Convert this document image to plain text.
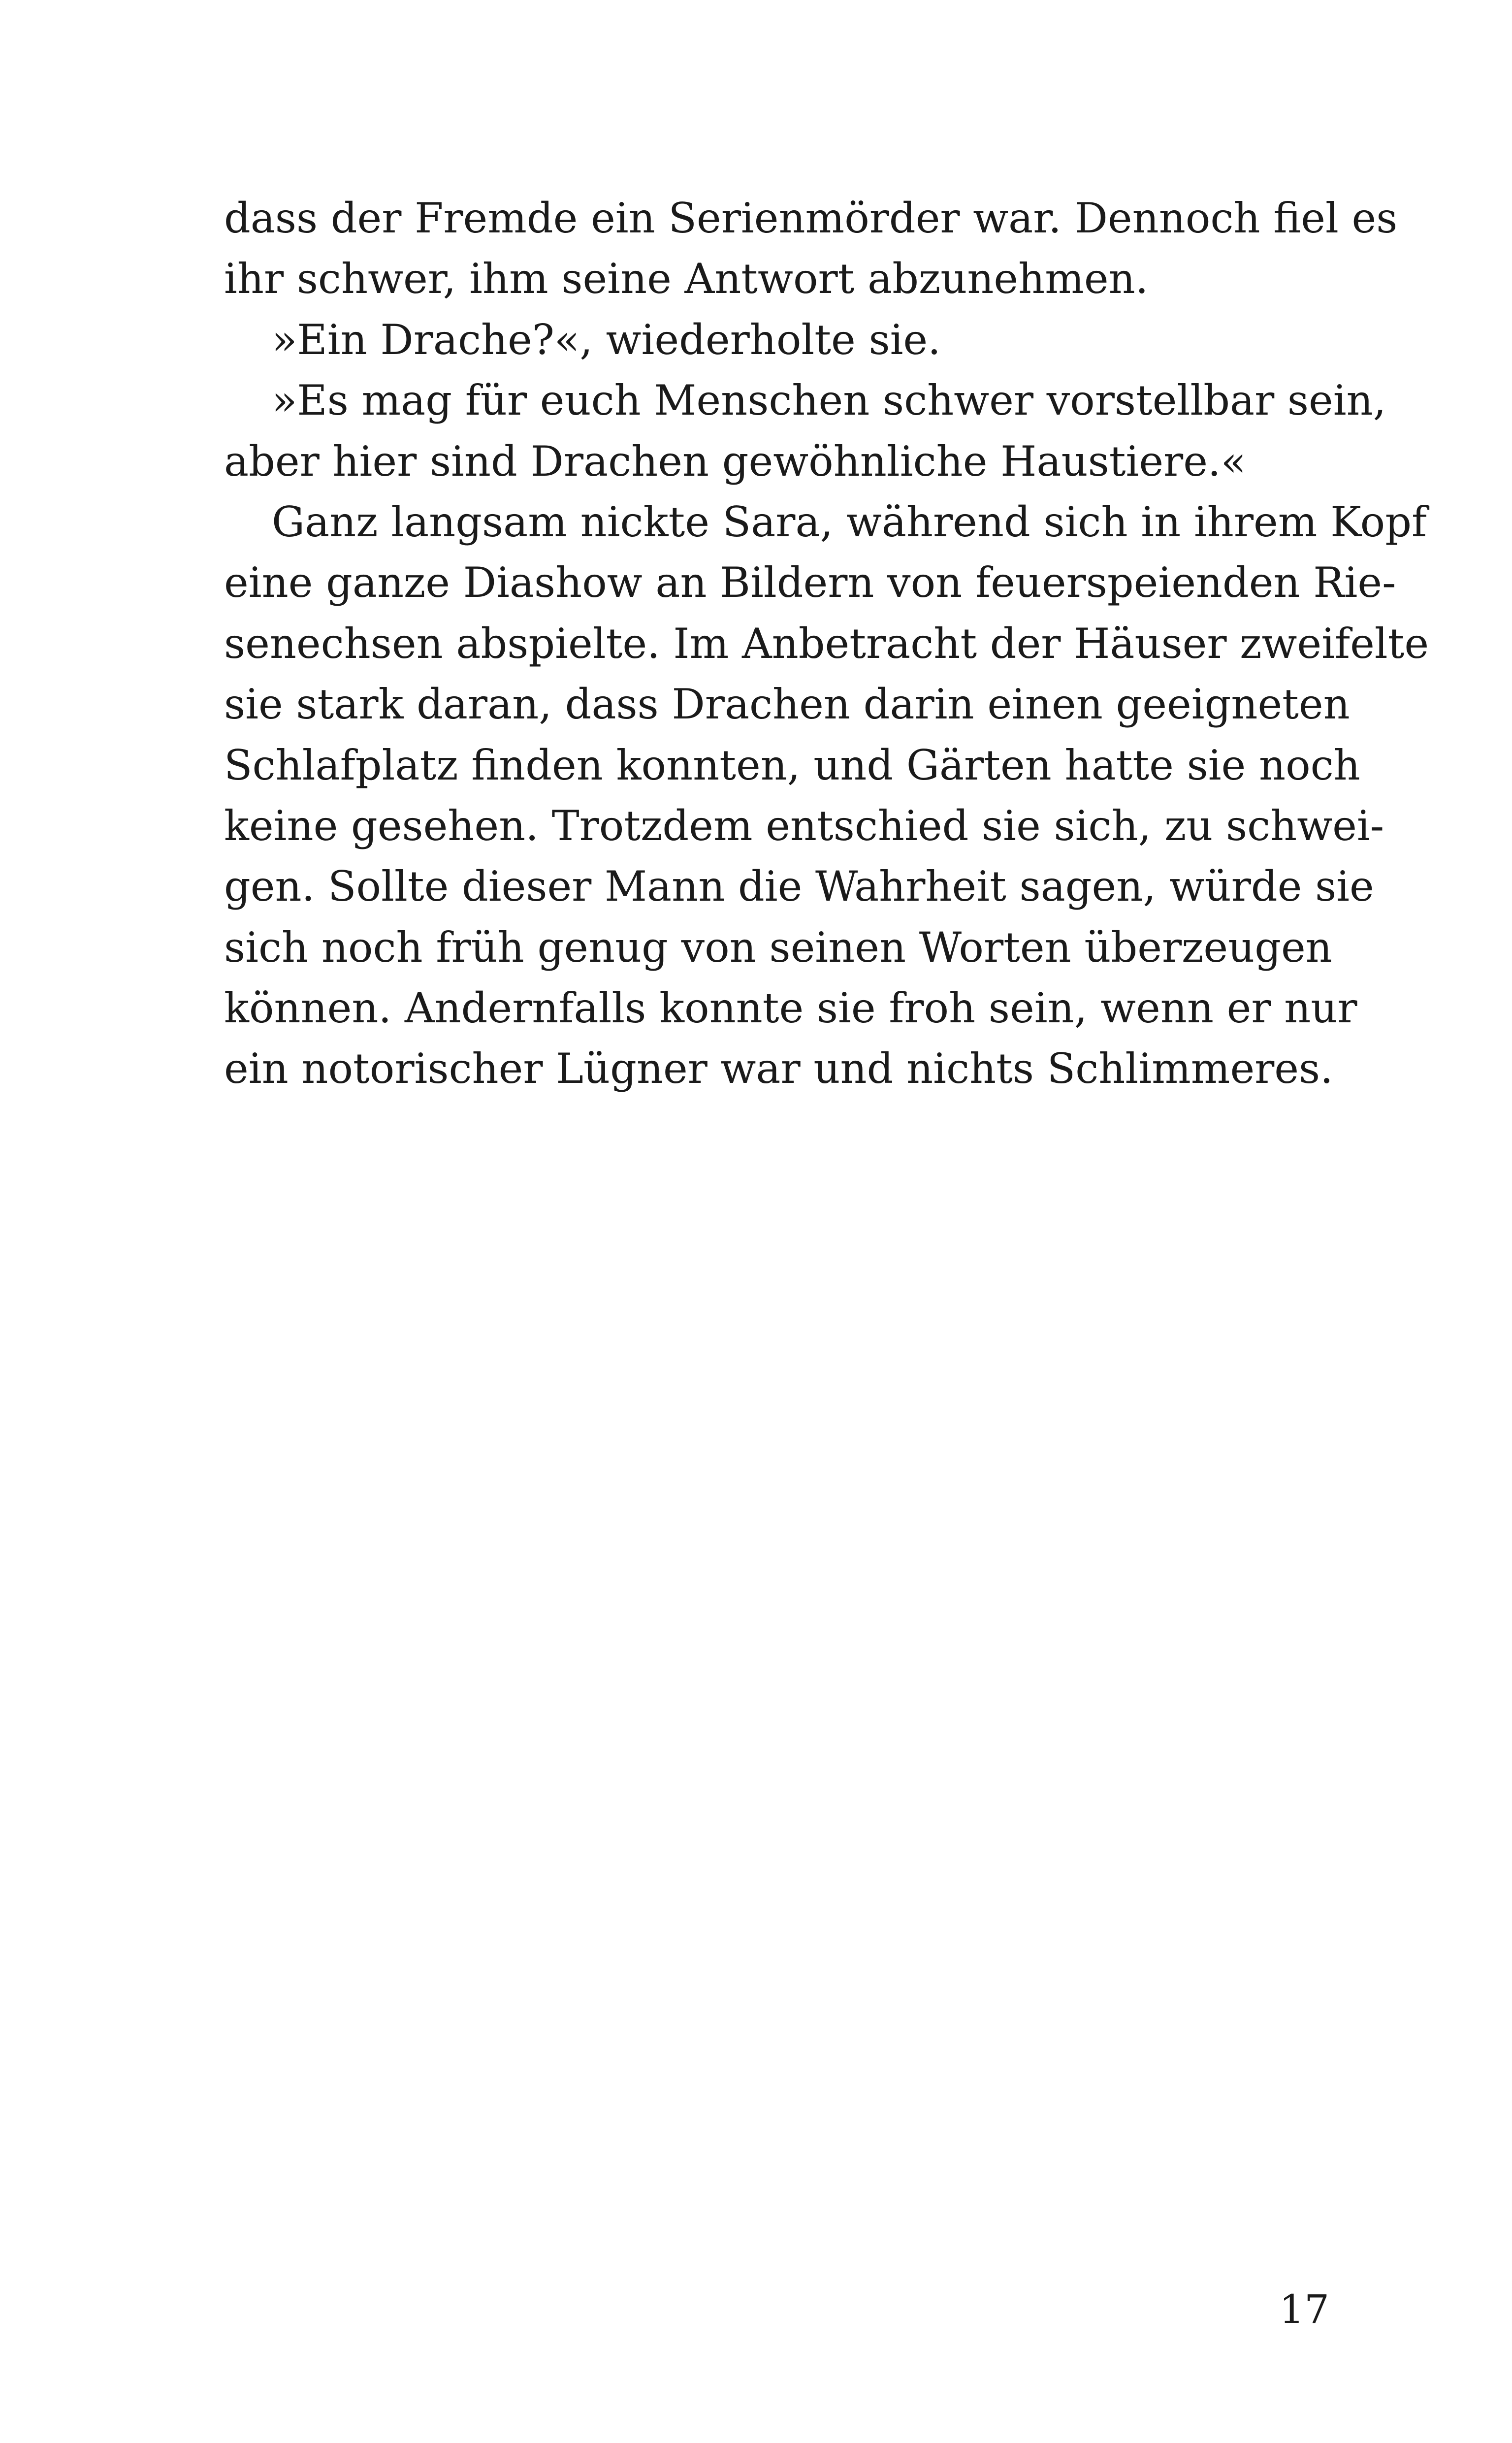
dass der Fremde ein Serienmörder war. Dennoch fiel es
ihr schwer, ihm seine Antwort abzunehmen.
»Ein Drache?«, wiederholte sie.
»Es mag für euch Menschen schwer vorstellbar sein,
aber hier sind Drachen gewöhnliche Haustiere.«
Ganz langsam nickte Sara, während sich in ihrem Kopf
eine ganze Diashow an Bildern von feuerspeienden Rie-
senechsen abspielte. Im Anbetracht der Häuser zweifelte
sie stark daran, dass Drachen darin einen geeigneten
Schlafplatz finden konnten, und Gärten hatte sie noch
keine gesehen. Trotzdem entschied sie sich, zu schwei-
gen. Sollte dieser Mann die Wahrheit sagen, würde sie
sich noch früh genug von seinen Worten überzeugen
können. Andernfalls konnte sie froh sein, wenn er nur
ein notorischer Lügner war und nichts Schlimmeres.
17
